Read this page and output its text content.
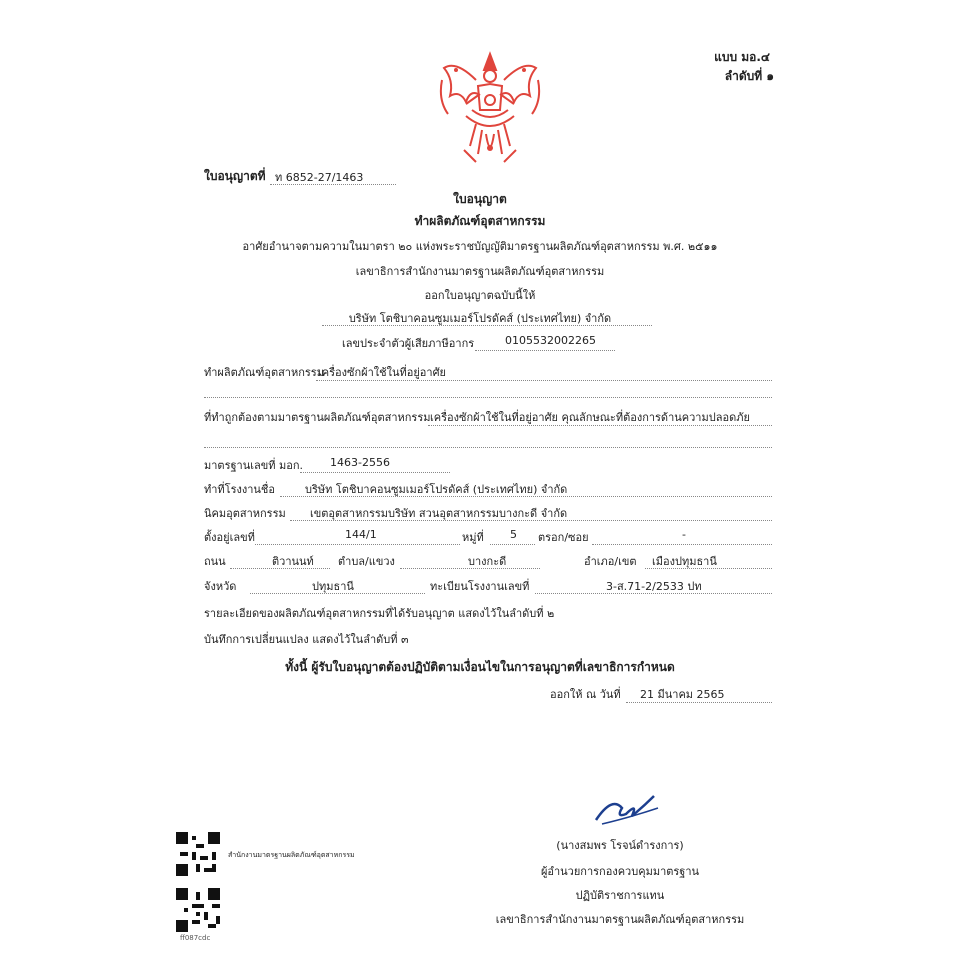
แบบ มอ.๔
ลำดับที่ ๑
ใบอนุญาตที่ ท 6852-27/1463
ใบอนุญาต
ทำผลิตภัณฑ์อุตสาหกรรม
อาศัยอำนาจตามความในมาตรา ๒๐ แห่งพระราชบัญญัติมาตรฐานผลิตภัณฑ์อุตสาหกรรม พ.ศ. ๒๕๑๑
เลขาธิการสำนักงานมาตรฐานผลิตภัณฑ์อุตสาหกรรม
ออกใบอนุญาตฉบับนี้ให้
บริษัท โตชิบาคอนซูมเมอร์โปรดัคส์ (ประเทศไทย) จำกัด
เลขประจำตัวผู้เสียภาษีอากร	0105532002265
ทำผลิตภัณฑ์อุตสาหกรรม
เครื่องซักผ้าใช้ในที่อยู่อาศัย
ที่ทำถูกต้องตามมาตรฐานผลิตภัณฑ์อุตสาหกรรม เครื่องซักผ้าใช้ในที่อยู่อาศัย คุณลักษณะที่ต้องการด้านความปลอดภัย
มาตรฐานเลขที่ มอก. 1463-2556
ทำที่โรงงานชื่อ	บริษัท โตชิบาคอนซูมเมอร์โปรดัคส์ (ประเทศไทย) จำกัด
นิคมอุตสาหกรรม เขตอุตสาหกรรมบริษัท สวนอุตสาหกรรมบางกะดี จำกัด
ตั้งอยู่เลขที่	144/1	หมู่ที่ 5 ตรอก/ซอย	-
ถนน	ติวานนท์ ตำบล/แขวง	บางกะดี	อำเภอ/เขต เมืองปทุมธานี
จังหวัด	ปทุมธานี	ทะเบียนโรงงานเลขที่	3-ส.71-2/2533 ปท
รายละเอียดของผลิตภัณฑ์อุตสาหกรรมที่ได้รับอนุญาต แสดงไว้ในลำดับที่ ๒
บันทึกการเปลี่ยนแปลง แสดงไว้ในลำดับที่ ๓
ทั้งนี้ ผู้รับใบอนุญาตต้องปฏิบัติตามเงื่อนไขในการอนุญาตที่เลขาธิการกำหนด
ออกให้ ณ วันที่ 21 มีนาคม 2565
(นางสมพร โรจน์ดำรงการ)
ผู้อำนวยการกองควบคุมมาตรฐาน
ปฏิบัติราชการแทน
เลขาธิการสำนักงานมาตรฐานผลิตภัณฑ์อุตสาหกรรม
สำนักงานมาตรฐานผลิตภัณฑ์อุตสาหกรรม
ff087cdc
